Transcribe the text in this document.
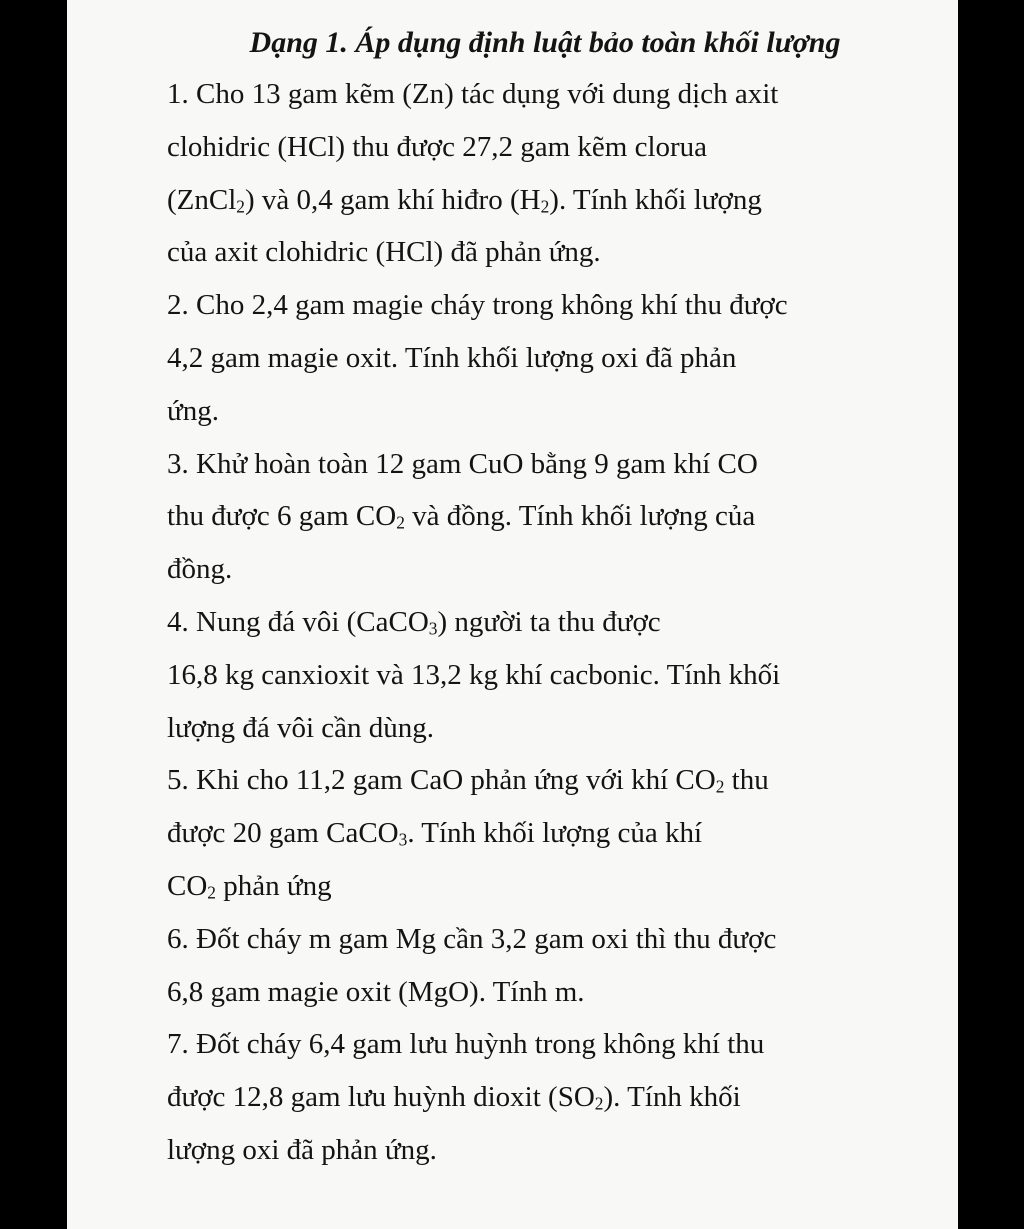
Dạng 1. Áp dụng định luật bảo toàn khối lượng
1. Cho 13 gam kẽm (Zn) tác dụng với dung dịch axit
clohidric (HCl) thu được 27,2 gam kẽm clorua
(ZnCl$_2$) và 0,4 gam khí hiđro $(H_2)$. Tính khối lượng
của axit clohidric (HCl) đã phản ứng.
2. Cho 2,4 gam magie cháy trong không khí thu được
4,2 gam magie oxit. Tính khối lượng oxi đã phản
ứng.
3. Khử hoàn toàn 12 gam CuO bằng 9 gam khí CO
thu được 6 gam $CO_2$ và đồng. Tính khối lượng của
đồng.
4. Nung đá vôi (CaCO$_3$) người ta thu được
16,8 kg canxioxit và 13,2 kg khí cacbonic. Tính khối
lượng đá vôi cần dùng.
5. Khi cho 11,2 gam CaO phản ứng với khí $CO_2$ thu
được 20 gam CaCO$_3$. Tính khối lượng của khí
$CO_2$ phản ứng
6. Đốt cháy m gam Mg cần 3,2 gam oxi thì thu được
6,8 gam magie oxit (MgO). Tính m.
7. Đốt cháy 6,4 gam lưu huỳnh trong không khí thu
được 12,8 gam lưu huỳnh dioxit $(SO_2)$. Tính khối
lượng oxi đã phản ứng.
